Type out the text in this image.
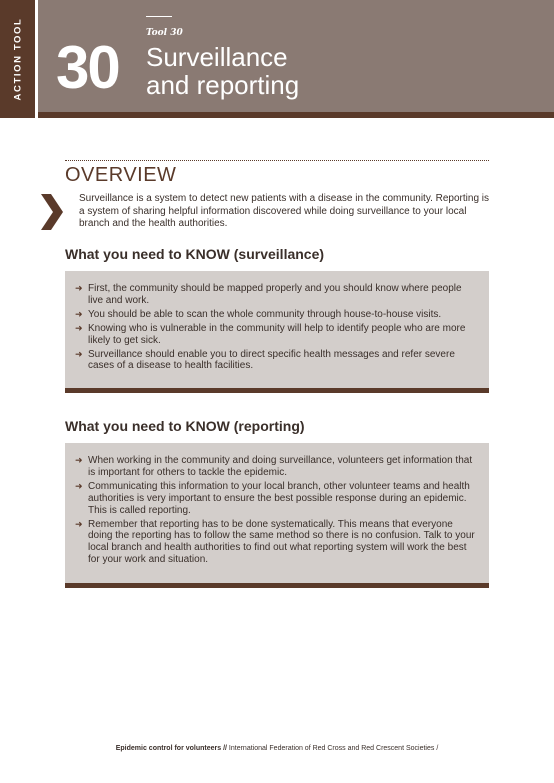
ACTION TOOL 30
Tool 30
Surveillance
and reporting
OVERVIEW
Surveillance is a system to detect new patients with a disease in the community. Reporting is a system of sharing helpful information discovered while doing surveillance to your local branch and the health authorities.
What you need to KNOW (surveillance)
➜ First, the community should be mapped properly and you should know where people live and work.
➜ You should be able to scan the whole community through house-to-house visits.
➜ Knowing who is vulnerable in the community will help to identify people who are more likely to get sick.
➜ Surveillance should enable you to direct specific health messages and refer severe cases of a disease to health facilities.
What you need to KNOW (reporting)
➜ When working in the community and doing surveillance, volunteers get information that is important for others to tackle the epidemic.
➜ Communicating this information to your local branch, other volunteer teams and health authorities is very important to ensure the best possible response during an epidemic. This is called reporting.
➜ Remember that reporting has to be done systematically. This means that everyone doing the reporting has to follow the same method so there is no confusion. Talk to your local branch and health authorities to find out what reporting system will work the best for your work and situation.
Epidemic control for volunteers // International Federation of Red Cross and Red Crescent Societies /
